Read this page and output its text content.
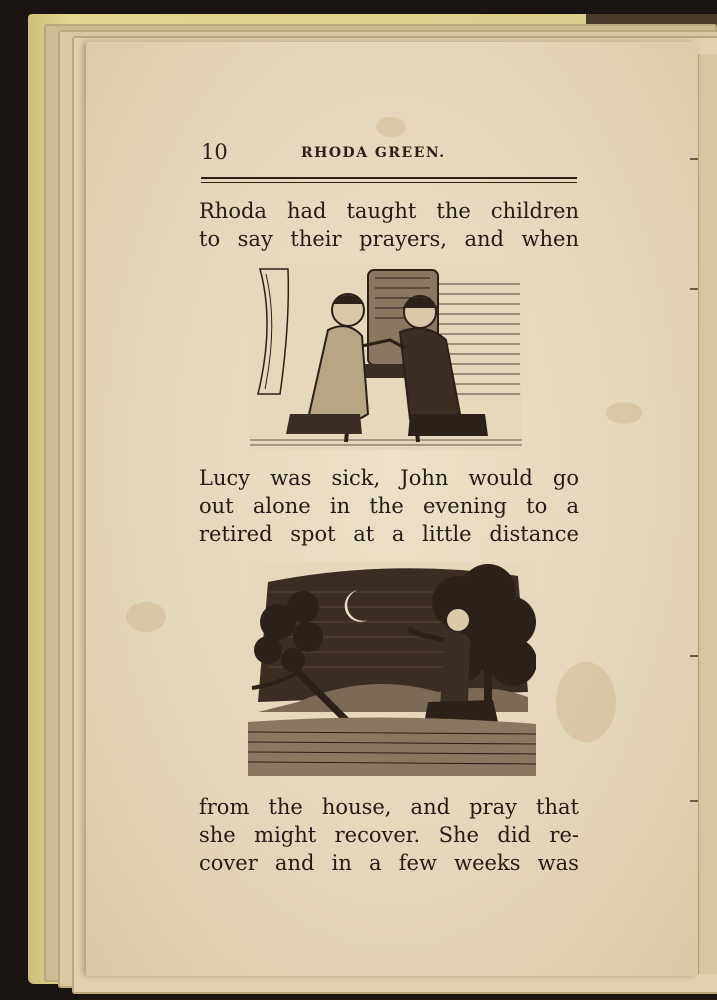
10	RHODA GREEN.
Rhoda had taught the children
to say their prayers, and when
Lucy was sick, John would go
out alone in the evening to a
retired spot at a little distance
from the house, and pray that
she might recover. She did re-
cover and in a few weeks was
